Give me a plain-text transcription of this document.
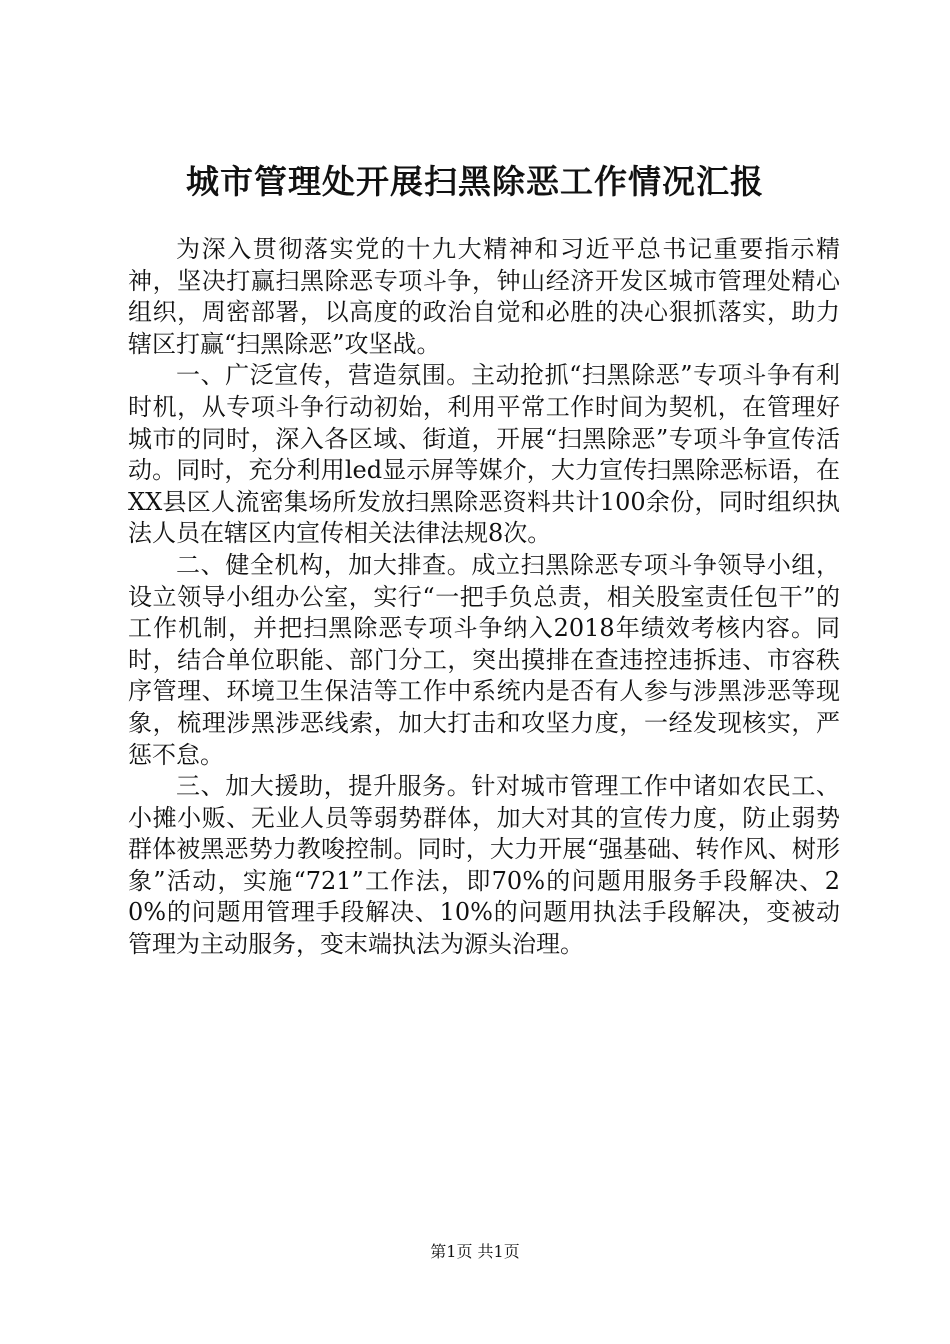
城市管理处开展扫黑除恶工作情况汇报

为深入贯彻落实党的十九大精神和习近平总书记重要指示精神，坚决打赢扫黑除恶专项斗争，钟山经济开发区城市管理处精心组织，周密部署，以高度的政治自觉和必胜的决心狠抓落实，助力辖区打赢“扫黑除恶”攻坚战。

一、广泛宣传，营造氛围。主动抢抓“扫黑除恶”专项斗争有利时机，从专项斗争行动初始，利用平常工作时间为契机，在管理好城市的同时，深入各区域、街道，开展“扫黑除恶”专项斗争宣传活动。同时，充分利用led显示屏等媒介，大力宣传扫黑除恶标语，在XX县区人流密集场所发放扫黑除恶资料共计100余份，同时组织执法人员在辖区内宣传相关法律法规8次。

二、健全机构，加大排查。成立扫黑除恶专项斗争领导小组，设立领导小组办公室，实行“一把手负总责，相关股室责任包干”的工作机制，并把扫黑除恶专项斗争纳入2018年绩效考核内容。同时，结合单位职能、部门分工，突出摸排在查违控违拆违、市容秩序管理、环境卫生保洁等工作中系统内是否有人参与涉黑涉恶等现象，梳理涉黑涉恶线索，加大打击和攻坚力度，一经发现核实，严惩不怠。

三、加大援助，提升服务。针对城市管理工作中诸如农民工、小摊小贩、无业人员等弱势群体，加大对其的宣传力度，防止弱势群体被黑恶势力教唆控制。同时，大力开展“强基础、转作风、树形象”活动，实施“721”工作法，即70%的问题用服务手段解决、20%的问题用管理手段解决、10%的问题用执法手段解决，变被动管理为主动服务，变末端执法为源头治理。

第1页 共1页
